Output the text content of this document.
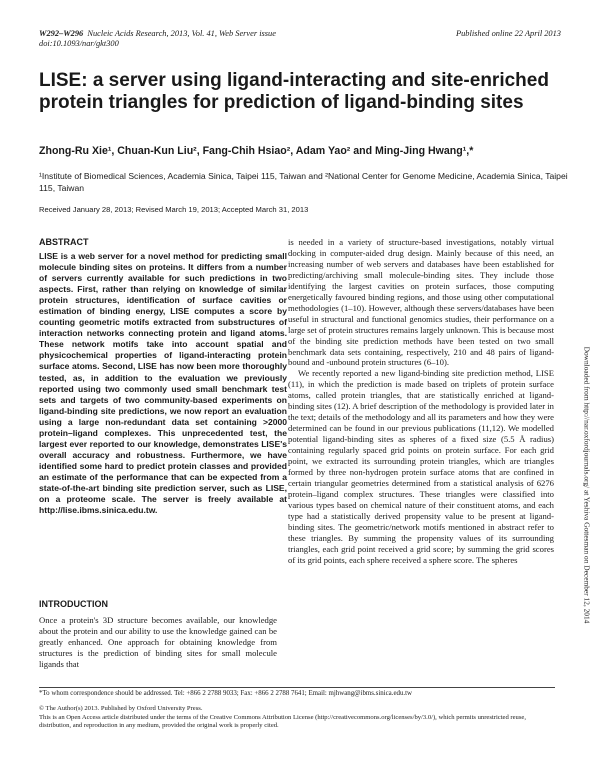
W292–W296 Nucleic Acids Research, 2013, Vol. 41, Web Server issue
doi:10.1093/nar/gkt300
Published online 22 April 2013
LISE: a server using ligand-interacting and site-enriched protein triangles for prediction of ligand-binding sites
Zhong-Ru Xie¹, Chuan-Kun Liu², Fang-Chih Hsiao², Adam Yao² and Ming-Jing Hwang¹,*
¹Institute of Biomedical Sciences, Academia Sinica, Taipei 115, Taiwan and ²National Center for Genome Medicine, Academia Sinica, Taipei 115, Taiwan
Received January 28, 2013; Revised March 19, 2013; Accepted March 31, 2013
ABSTRACT

LISE is a web server for a novel method for predicting small molecule binding sites on proteins. It differs from a number of servers currently available for such predictions in two aspects. First, rather than relying on knowledge of similar protein structures, identification of surface cavities or estimation of binding energy, LISE computes a score by counting geometric motifs extracted from substructures of interaction networks connecting protein and ligand atoms. These network motifs take into account spatial and physicochemical properties of ligand-interacting protein surface atoms. Second, LISE has now been more thoroughly tested, as, in addition to the evaluation we previously reported using two commonly used small benchmark test sets and targets of two community-based experiments on ligand-binding site predictions, we now report an evaluation using a large non-redundant data set containing >2000 protein–ligand complexes. This unprecedented test, the largest ever reported to our knowledge, demonstrates LISE's overall accuracy and robustness. Furthermore, we have identified some hard to predict protein classes and provided an estimate of the performance that can be expected from a state-of-the-art binding site prediction server, such as LISE, on a proteome scale. The server is freely available at http://lise.ibms.sinica.edu.tw.

INTRODUCTION

Once a protein's 3D structure becomes available, our knowledge about the protein and our ability to use the knowledge gained can be greatly enhanced. One approach for obtaining knowledge from structures is the prediction of binding sites for small molecule ligands that

is needed in a variety of structure-based investigations, notably virtual docking in computer-aided drug design. Mainly because of this need, an increasing number of web servers and databases have been established for predicting/archiving small molecule-binding sites. They include those identifying the largest cavities on protein surfaces, those computing energetically favoured binding regions, and those using other computational methodologies (1–10). However, although these servers/databases have been useful in structural and functional genomics studies, their performance on a large set of protein structures remains largely unknown. This is because most of the binding site prediction methods have been tested on two small benchmark data sets containing, respectively, 210 and 48 pairs of ligand-bound and -unbound protein structures (6–10).

We recently reported a new ligand-binding site prediction method, LISE (11), in which the prediction is made based on triplets of protein surface atoms, called protein triangles, that are statistically enriched at ligand-binding sites (12). A brief description of the methodology is provided later in the text; details of the methodology and all its parameters and how they were determined can be found in our previous publications (11,12). We modelled potential ligand-binding sites as spheres of a fixed size (5.5 Å radius) containing regularly spaced grid points on protein surface. For each grid point, we extracted its surrounding protein triangles, which are triangles formed by three non-hydrogen protein surface atoms that are confined in certain triangular geometries determined from a statistical analysis of 6276 protein–ligand complex structures. These triangles were classified into various types based on chemical nature of their constituent atoms, and each type had a statistically derived propensity value to be present at ligand-binding sites. The geometric/network motifs mentioned in abstract refer to these triangles. By summing the propensity values of its surrounding triangles, each grid point received a grid score; by summing the grid scores of its grid points, each sphere received a sphere score. The spheres	Downloaded from http://nar.oxfordjournals.org/ at Yeshiva Gottesman on December 12, 2014
*To whom correspondence should be addressed. Tel: +866 2 2788 9033; Fax: +866 2 2788 7641; Email: mjhwang@ibms.sinica.edu.tw

© The Author(s) 2013. Published by Oxford University Press.

This is an Open Access article distributed under the terms of the Creative Commons Attribution License (http://creativecommons.org/licenses/by/3.0/), which permits unrestricted reuse, distribution, and reproduction in any medium, provided the original work is properly cited.
